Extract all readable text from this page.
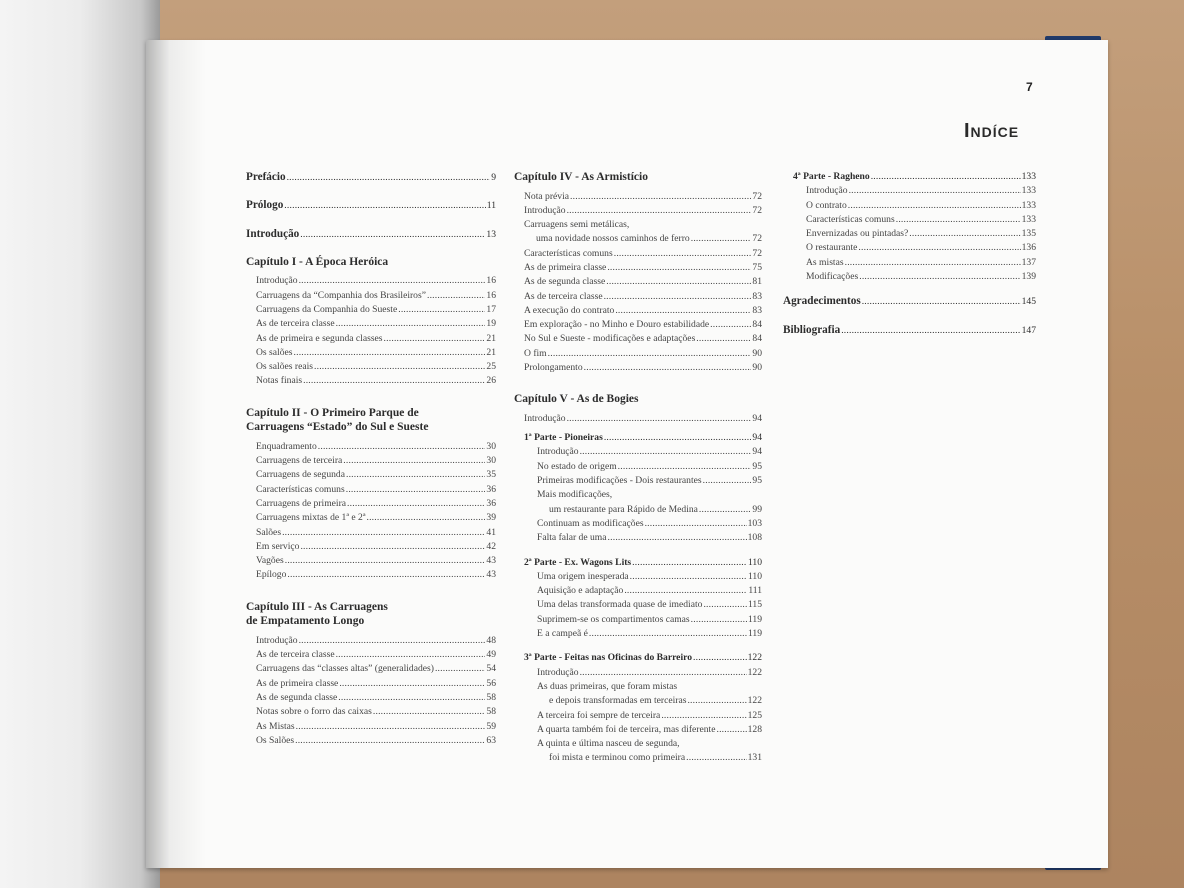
7
Indíce
Prefácio .....	9
Prólogo .....	11
Introdução .....	13
Capítulo I - A Época Heróica
Introdução .....	16
Carruagens da “Companhia dos Brasileiros” .....	16
Carruagens da Companhia do Sueste .....	17
As de terceira classe .....	19
As de primeira e segunda classes .....	21
Os salões .....	21
Os salões reais .....	25
Notas finais .....	26
Capítulo II - O Primeiro Parque de
Carruagens “Estado” do Sul e Sueste
Enquadramento .....	30
Carruagens de terceira .....	30
Carruagens de segunda .....	35
Características comuns .....	36
Carruagens de primeira .....	36
Carruagens mixtas de 1ª e 2ª .....	39
Salões .....	41
Em serviço .....	42
Vagões .....	43
Epílogo .....	43
Capítulo III - As Carruagens
de Empatamento Longo
Introdução .....	48
As de terceira classe .....	49
Carruagens das “classes altas” (generalidades) .....	54
As de primeira classe .....	56
As de segunda classe .....	58
Notas sobre o forro das caixas .....	58
As Mistas .....	59
Os Salões .....	63
Capítulo IV - As Armistício
Nota prévia .....	72
Introdução .....	72
Carruagens semi metálicas,
uma novidade nossos caminhos de ferro .....	72
Características comuns .....	72
As de primeira classe .....	75
As de segunda classe .....	81
As de terceira classe .....	83
A execução do contrato .....	83
Em exploração - no Minho e Douro estabilidade .....	84
No Sul e Sueste - modificações e adaptações .....	84
O fim .....	90
Prolongamento .....	90
Capítulo V - As de Bogies
Introdução .....	94
1ª Parte - Pioneiras .....	94
Introdução .....	94
No estado de origem .....	95
Primeiras modificações - Dois restaurantes .....	95
Mais modificações,
um restaurante para Rápido de Medina .....	99
Continuam as modificações .....	103
Falta falar de uma .....	108
2ª Parte - Ex. Wagons Lits .....	110
Uma origem inesperada .....	110
Aquisição e adaptação .....	111
Uma delas transformada quase de imediato .....	115
Suprimem-se os compartimentos camas .....	119
E a campeã é .....	119
3ª Parte - Feitas nas Oficinas do Barreiro .....	122
Introdução .....	122
As duas primeiras, que foram mistas
e depois transformadas em terceiras .....	122
A terceira foi sempre de terceira .....	125
A quarta também foi de terceira, mas diferente .....	128
A quinta e última nasceu de segunda,
foi mista e terminou como primeira .....	131
4ª Parte - Ragheno .....	133
Introdução .....	133
O contrato .....	133
Características comuns .....	133
Envernizadas ou pintadas? .....	135
O restaurante .....	136
As mistas .....	137
Modificações .....	139
Agradecimentos .....	145
Bibliografia .....	147
